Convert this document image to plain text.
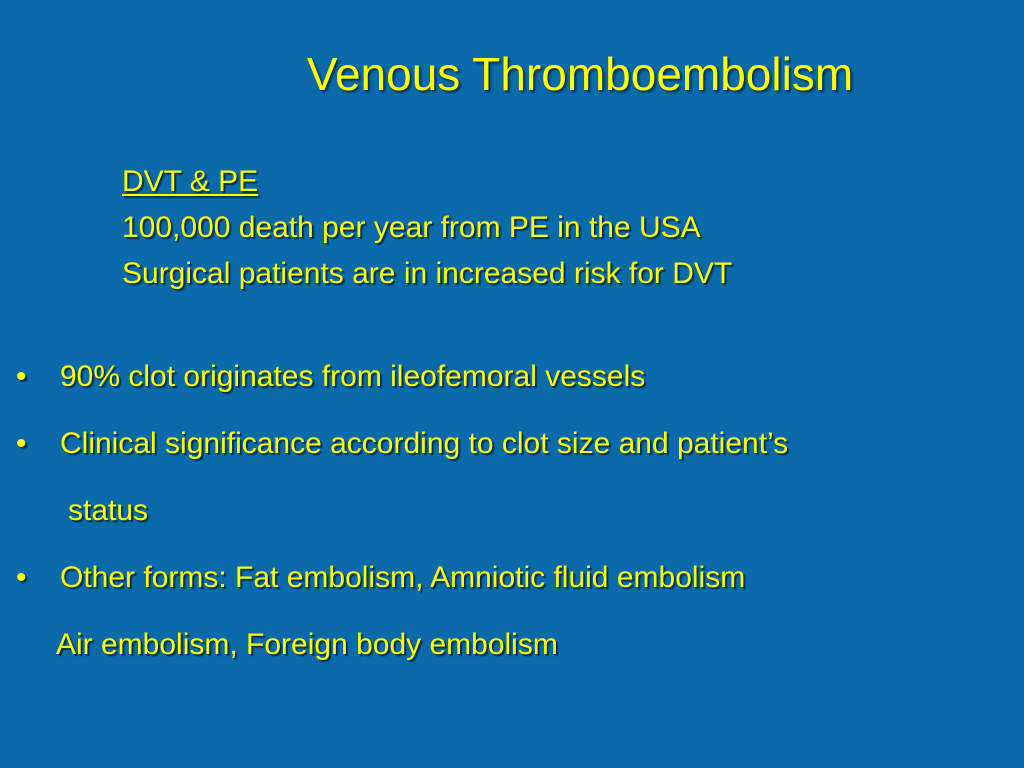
Venous Thromboembolism
DVT & PE
100,000 death per year from PE in the USA
Surgical patients are in increased risk for DVT
• 90% clot originates from ileofemoral vessels
• Clinical significance according to clot size and patient’s
status
• Other forms: Fat embolism, Amniotic fluid embolism
Air embolism, Foreign body embolism
